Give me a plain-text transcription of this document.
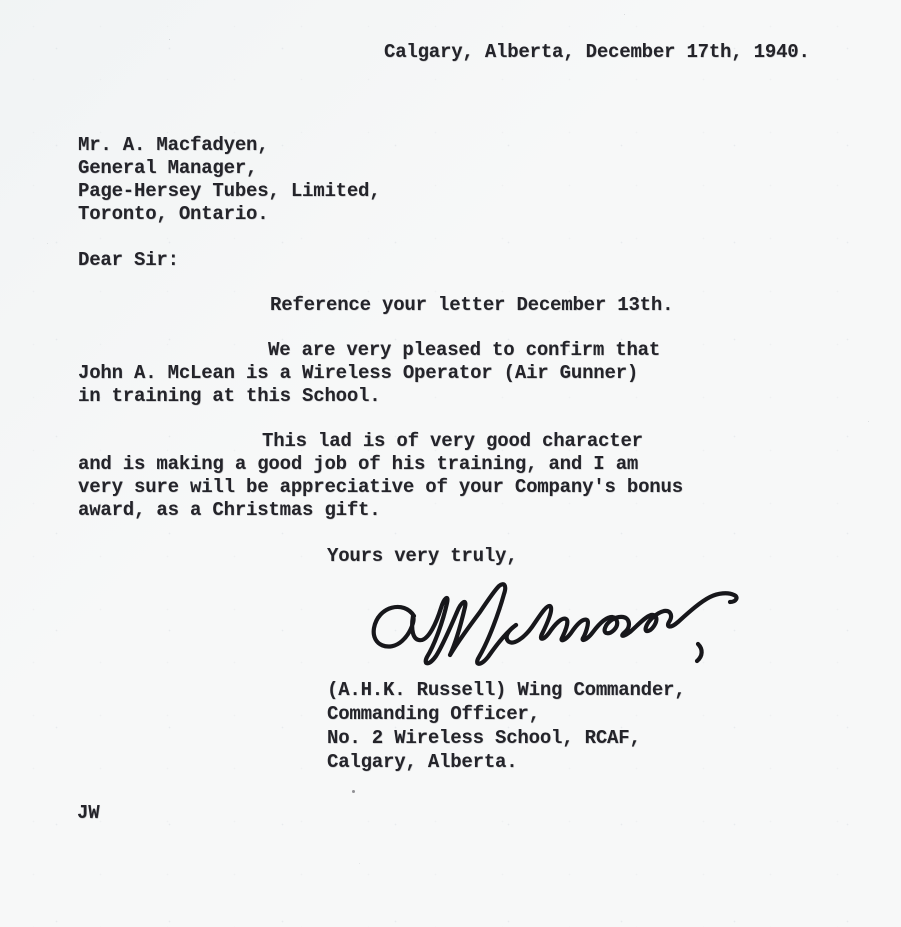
Calgary, Alberta, December 17th, 1940.
Mr. A. Macfadyen,
General Manager,
Page-Hersey Tubes, Limited,
Toronto, Ontario.
Dear Sir:
Reference your letter December 13th.
We are very pleased to confirm that
John A. McLean is a Wireless Operator (Air Gunner)
in training at this School.
This lad is of very good character
and is making a good job of his training, and I am
very sure will be appreciative of your Company's bonus
award, as a Christmas gift.
Yours very truly,
(A.H.K. Russell) Wing Commander,
Commanding Officer,
No. 2 Wireless School, RCAF,
Calgary, Alberta.
JW
